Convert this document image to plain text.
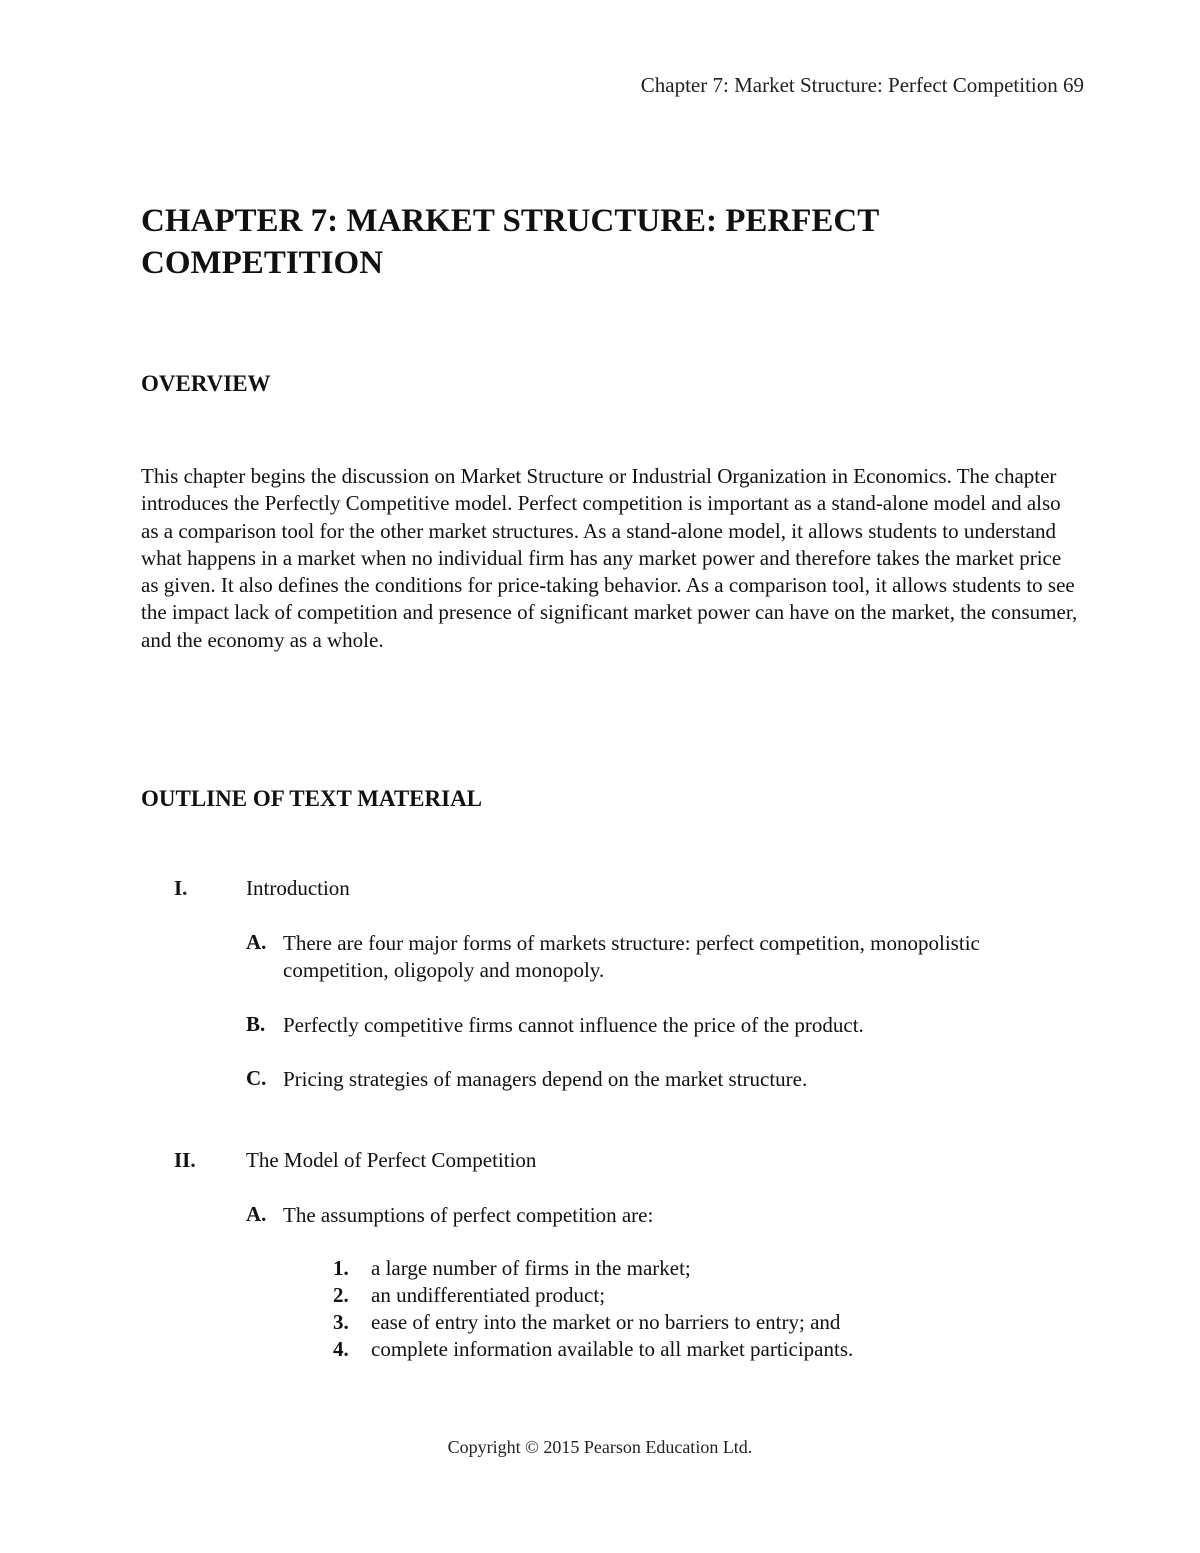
Chapter 7: Market Structure: Perfect Competition 69
CHAPTER 7: MARKET STRUCTURE: PERFECT COMPETITION
OVERVIEW

This chapter begins the discussion on Market Structure or Industrial Organization in Economics. The chapter introduces the Perfectly Competitive model. Perfect competition is important as a stand-alone model and also as a comparison tool for the other market structures. As a stand-alone model, it allows students to understand what happens in a market when no individual firm has any market power and therefore takes the market price as given. It also defines the conditions for price-taking behavior. As a comparison tool, it allows students to see the impact lack of competition and presence of significant market power can have on the market, the consumer, and the economy as a whole.

OUTLINE OF TEXT MATERIAL
I.	Introduction
A. There are four major forms of markets structure: perfect competition, monopolistic competition, oligopoly and monopoly.
B. Perfectly competitive firms cannot influence the price of the product.
C. Pricing strategies of managers depend on the market structure.
II. The Model of Perfect Competition
A. The assumptions of perfect competition are:
1. a large number of firms in the market;
2. an undifferentiated product;
3. ease of entry into the market or no barriers to entry; and
4. complete information available to all market participants.
Copyright © 2015 Pearson Education Ltd.
